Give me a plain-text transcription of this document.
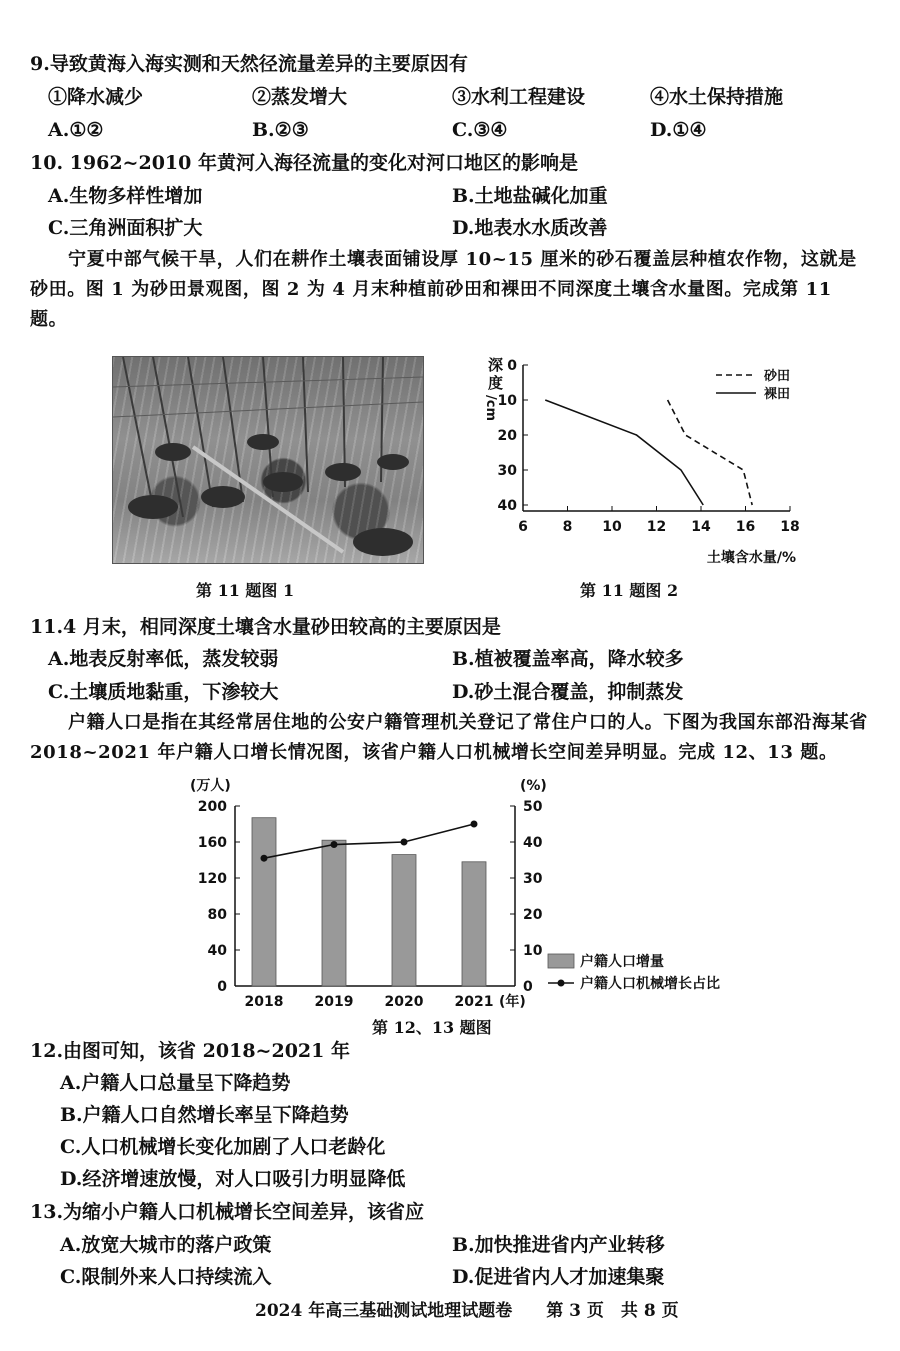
9.导致黄海入海实测和天然径流量差异的主要原因有
①降水减少	②蒸发增大	③水利工程建设	④水土保持措施
A.①②	B.②③	C.③④	D.①④
10. 1962~2010 年黄河入海径流量的变化对河口地区的影响是
A.生物多样性增加	B.土地盐碱化加重
C.三角洲面积扩大	D.地表水水质改善
宁夏中部气候干旱，人们在耕作土壤表面铺设厚 10~15 厘米的砂石覆盖层种植农作物，这就是砂田。图 1 为砂田景观图，图 2 为 4 月末种植前砂田和裸田不同深度土壤含水量图。完成第 11 题。
第 11 题图 1
深
度
/cm
0
10
20
30
40
6 8 10 12 14 16 18
砂田
裸田
土壤含水量/%
第 11 题图 2
11.4 月末，相同深度土壤含水量砂田较高的主要原因是
A.地表反射率低，蒸发较弱	B.植被覆盖率高，降水较多
C.土壤质地黏重，下渗较大	D.砂土混合覆盖，抑制蒸发
户籍人口是指在其经常居住地的公安户籍管理机关登记了常住户口的人。下图为我国东部沿海某省 2018~2021 年户籍人口增长情况图，该省户籍人口机械增长空间差异明显。完成 12、13 题。
(万人)	(%)
0
40
80
120
160
200
0
10
20
30
40
50
2018 2019 2020 2021 (年)
户籍人口增量
户籍人口机械增长占比
第 12、13 题图
12.由图可知，该省 2018~2021 年
A.户籍人口总量呈下降趋势
B.户籍人口自然增长率呈下降趋势
C.人口机械增长变化加剧了人口老龄化
D.经济增速放慢，对人口吸引力明显降低
13.为缩小户籍人口机械增长空间差异，该省应
A.放宽大城市的落户政策	B.加快推进省内产业转移
C.限制外来人口持续流入	D.促进省内人才加速集聚
2024 年高三基础测试地理试题卷　　第 3 页　共 8 页
